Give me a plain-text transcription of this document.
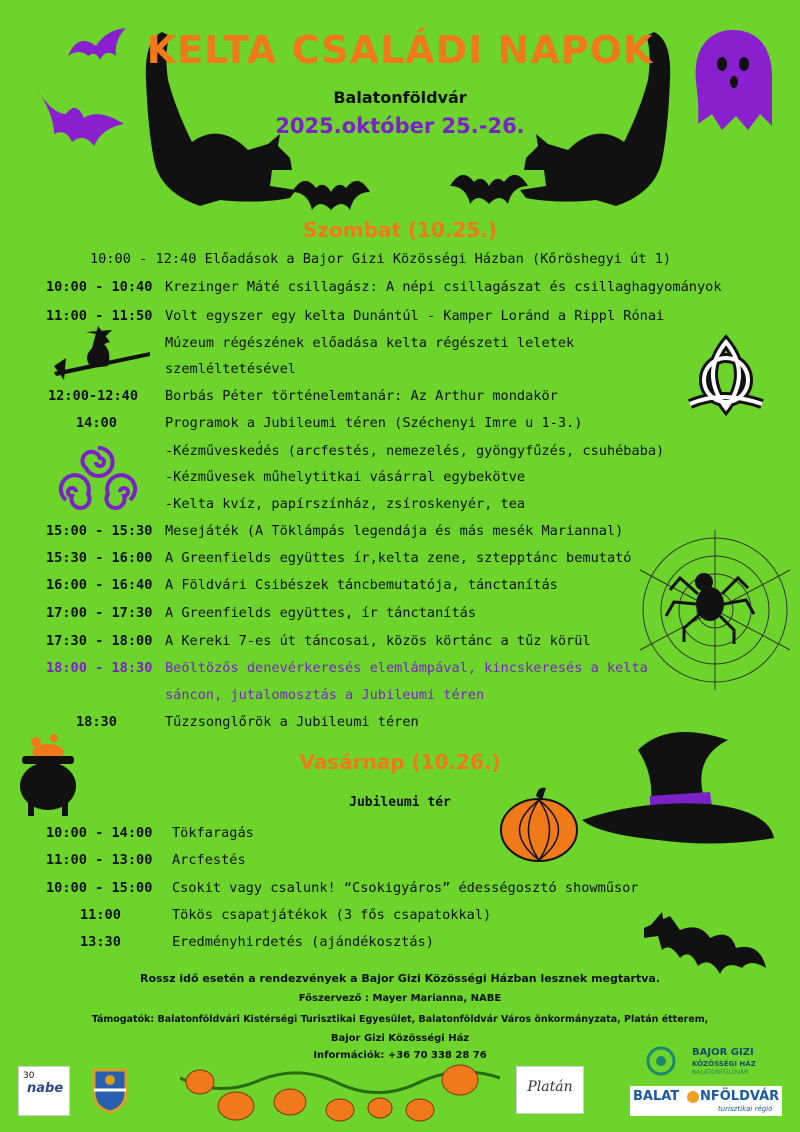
KELTA CSALÁDI NAPOK
Balatonföldvár
2025.október 25.-26.
Szombat (10.25.)
10:00 - 12:40 Előadások a Bajor Gizi Közösségi Házban (Kőröshegyi út 1)
10:00 - 10:40 Krezinger Máté csillagász: A népi csillagászat és csillaghagyományok
11:00 - 11:50 Volt egyszer egy kelta Dunántúl - Kamper Loránd a Rippl Rónai
Múzeum régészének előadása kelta régészeti leletek
szemléltetésével
12:00-12:40 Borbás Péter történelemtanár: Az Arthur mondakör
14:00	Programok a Jubileumi téren (Széchenyi Imre u 1-3.)
-Kézművesked́és (arcfestés, nemezelés, gyöngyfűzés, csuhébaba)
-Kézművesek műhelytitkai vásárral egybekötve
-Kelta kvíz, papírszínház, zsíroskenyér, tea
15:00 - 15:30 Mesejáték (A Töklámpás legendája és más mesék Mariannal)
15:30 - 16:00 A Greenfields együttes ír,kelta zene, sztepptánc bemutató
16:00 - 16:40 A Földvári Csibészek táncbemutatója, tánctanítás
17:00 - 17:30 A Greenfields együttes, ír tánctanítás
17:30 - 18:00 A Kereki 7-es út táncosai, közös körtánc a tűz körül
18:00 - 18:30 Beöltözős denevérkeresés elemlámpával, kincskeresés a kelta
sáncon, jutalomosztás a Jubileumi téren
18:30	Tűzzsonglőrök a Jubileumi téren
Vasárnap (10.26.)
Jubileumi tér
10:00 - 14:00 Tökfaragás
11:00 - 13:00 Arcfestés
10:00 - 15:00 Csokit vagy csalunk! “Csokigyáros” édességosztó showműsor
11:00	Tökös csapatjátékok (3 fős csapatokkal)
13:30	Eredményhirdetés (ajándékosztás)
Rossz idő esetén a rendezvények a Bajor Gizi Közösségi Házban lesznek megtartva.
Főszervező : Mayer Marianna, NABE
Támogatók: Balatonföldvári Kistérségi Turisztikai Egyesület, Balatonföldvár Város önkormányzata, Platán étterem,
Bajor Gizi Közösségi Ház
Információk: +36 70 338 28 76
30
nabe	Platán
BAJOR GIZI
KÖZÖSSÉGI HÁZ
BALATONFÖLDVÁR
BALAT NFÖLDVÁR
turisztikai régió
